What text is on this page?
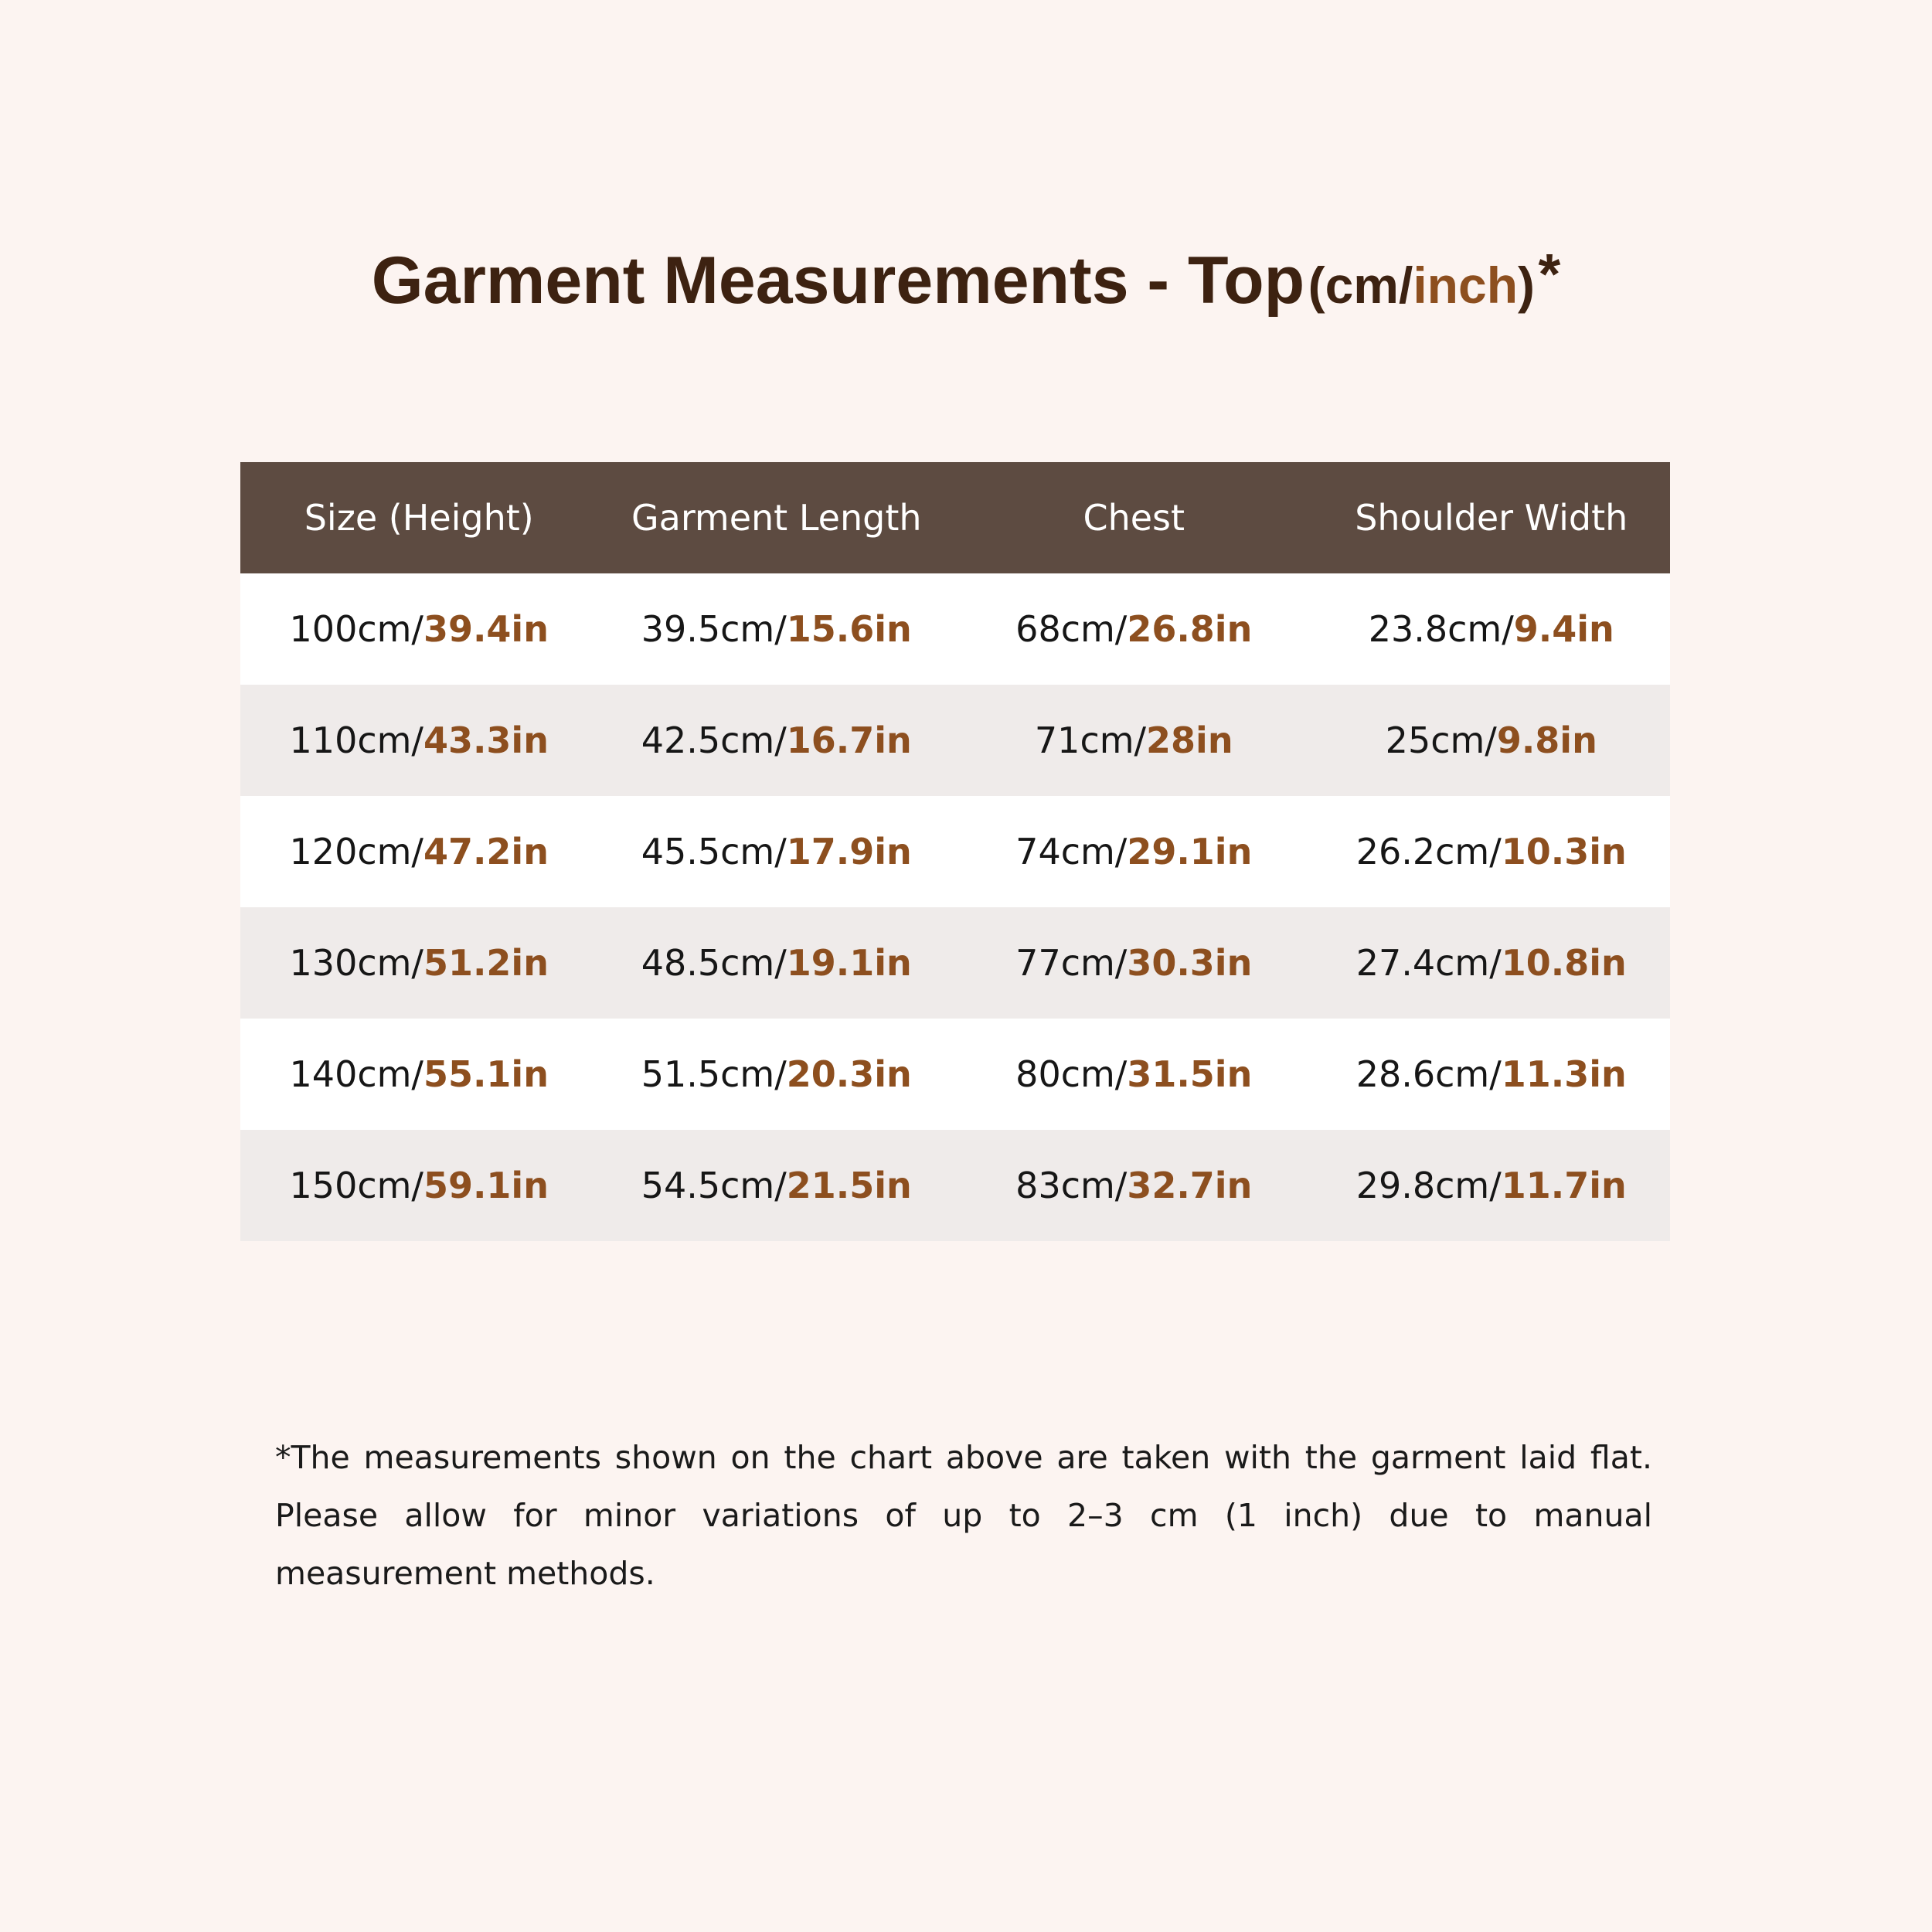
Garment Measurements - Top (cm/inch) *
Size (Height)	Garment Length	Chest	Shoulder Width
100cm/39.4in	39.5cm/15.6in	68cm/26.8in	23.8cm/9.4in
110cm/43.3in	42.5cm/16.7in	71cm/28in	25cm/9.8in
120cm/47.2in	45.5cm/17.9in	74cm/29.1in	26.2cm/10.3in
130cm/51.2in	48.5cm/19.1in	77cm/30.3in	27.4cm/10.8in
140cm/55.1in	51.5cm/20.3in	80cm/31.5in	28.6cm/11.3in
150cm/59.1in	54.5cm/21.5in	83cm/32.7in	29.8cm/11.7in

*The measurements shown on the chart above are taken with the garment laid flat. Please allow for minor variations of up to 2–3 cm (1 inch) due to manual measurement methods.
